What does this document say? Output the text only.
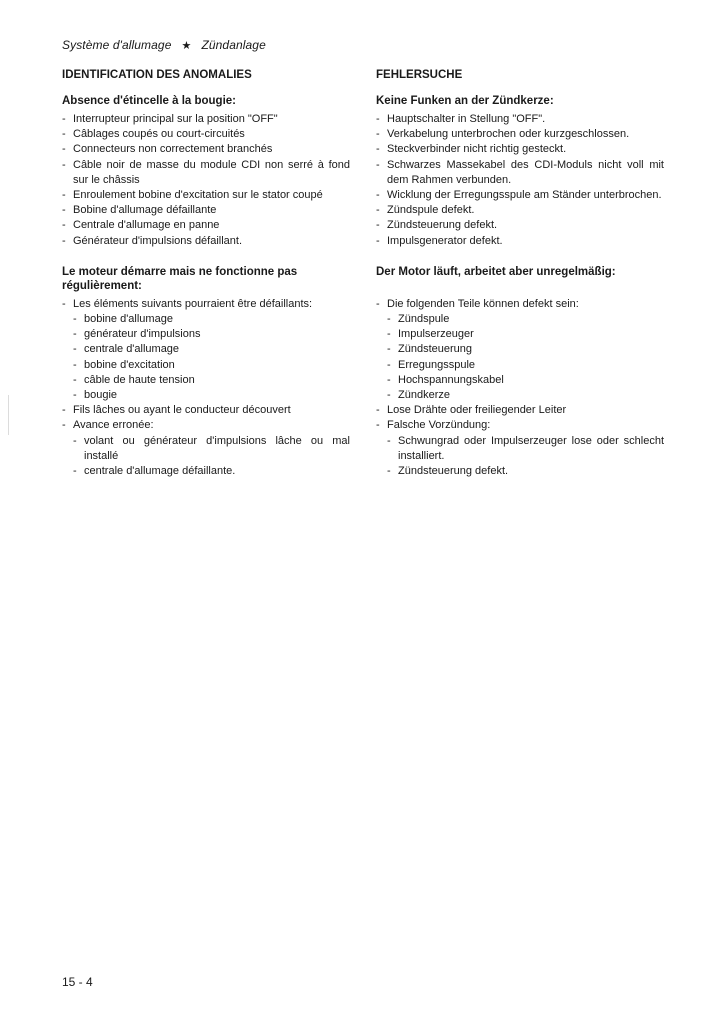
Système d'allumage ★ Zündanlage
IDENTIFICATION DES ANOMALIES
Absence d'étincelle à la bougie:
- Interrupteur principal sur la position "OFF"
- Câblages coupés ou court-circuités
- Connecteurs non correctement branchés
- Câble noir de masse du module CDI non serré à fond sur le châssis
- Enroulement bobine d'excitation sur le stator coupé
- Bobine d'allumage défaillante
- Centrale d'allumage en panne
- Générateur d'impulsions défaillant.
Le moteur démarre mais ne fonctionne pas régulièrement:
- Les éléments suivants pourraient être défaillants:
- bobine d'allumage
- générateur d'impulsions
- centrale d'allumage
- bobine d'excitation
- câble de haute tension
- bougie
- Fils lâches ou ayant le conducteur découvert
- Avance erronée:
- volant ou générateur d'impulsions lâche ou mal installé
- centrale d'allumage défaillante.
FEHLERSUCHE
Keine Funken an der Zündkerze:
- Hauptschalter in Stellung "OFF".
- Verkabelung unterbrochen oder kurzgeschlossen.
- Steckverbinder nicht richtig gesteckt.
- Schwarzes Massekabel des CDI-Moduls nicht voll mit dem Rahmen verbunden.
- Wicklung der Erregungsspule am Ständer unterbrochen.
- Zündspule defekt.
- Zündsteuerung defekt.
- Impulsgenerator defekt.
Der Motor läuft, arbeitet aber unregelmäßig:
- Die folgenden Teile können defekt sein:
- Zündspule
- Impulserzeuger
- Zündsteuerung
- Erregungsspule
- Hochspannungskabel
- Zündkerze
- Lose Drähte oder freiliegender Leiter
- Falsche Vorzündung:
- Schwungrad oder Impulserzeuger lose oder schlecht installiert.
- Zündsteuerung defekt.
15 - 4
